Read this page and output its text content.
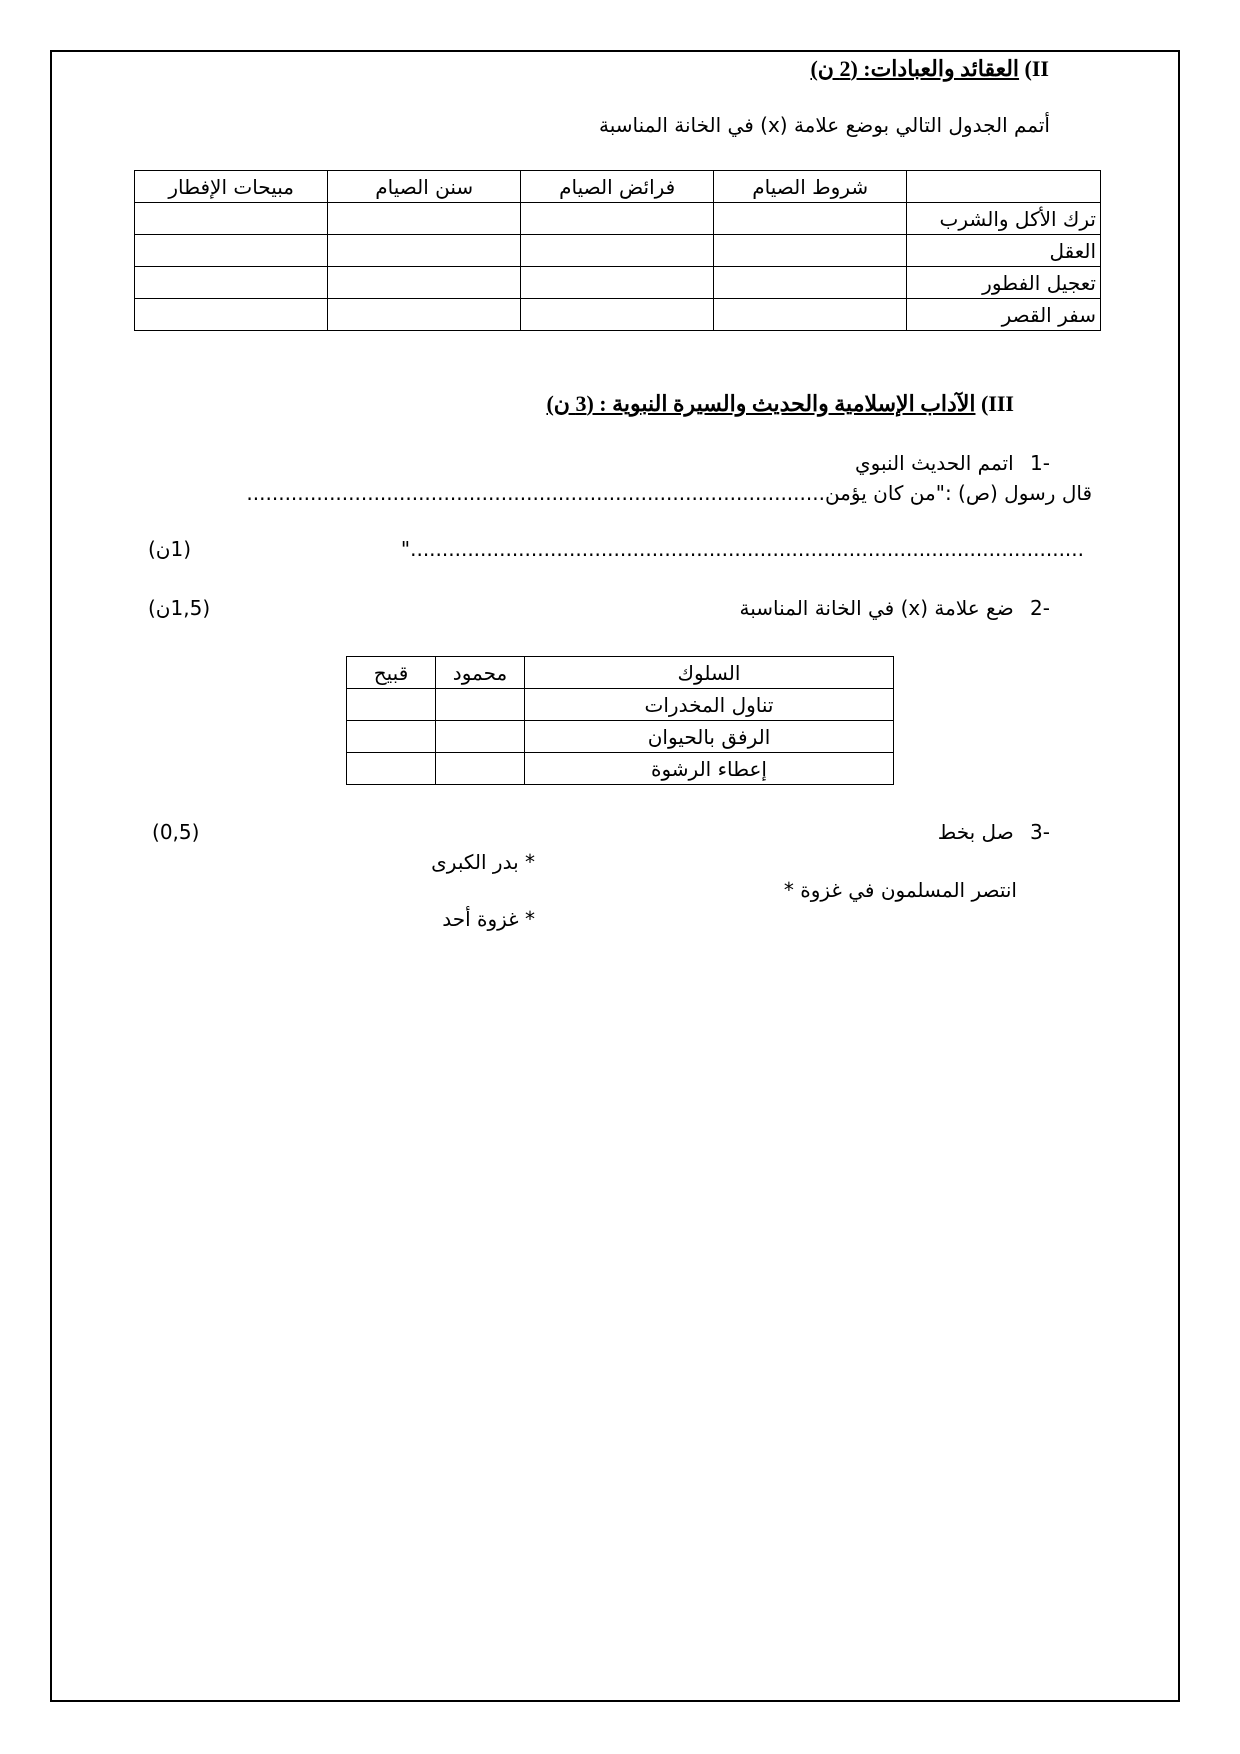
II) العقائد والعبادات: (2 ن)
أتمم الجدول التالي بوضع علامة (x) في الخانة المناسبة
	شروط الصيام	فرائض الصيام	سنن الصيام	مبيحات الإفطار
ترك الأكل والشرب				
العقل				
تعجيل الفطور				
سفر القصر				
III) الآداب الإسلامية والحديث والسيرة النبوية : (3 ن)
-1 اتمم الحديث النبوي
قال رسول (ص) :"من كان يؤمن...........................................................................................
.........................................................................................................."
(1ن)
-2 ضع علامة (x) في الخانة المناسبة
(1,5ن)
السلوك	محمود	قبيح
تناول المخدرات		
الرفق بالحيوان		
إعطاء الرشوة		
-3 صل بخط
(0,5)
انتصر المسلمون في غزوة *
* بدر الكبرى
* غزوة أحد
